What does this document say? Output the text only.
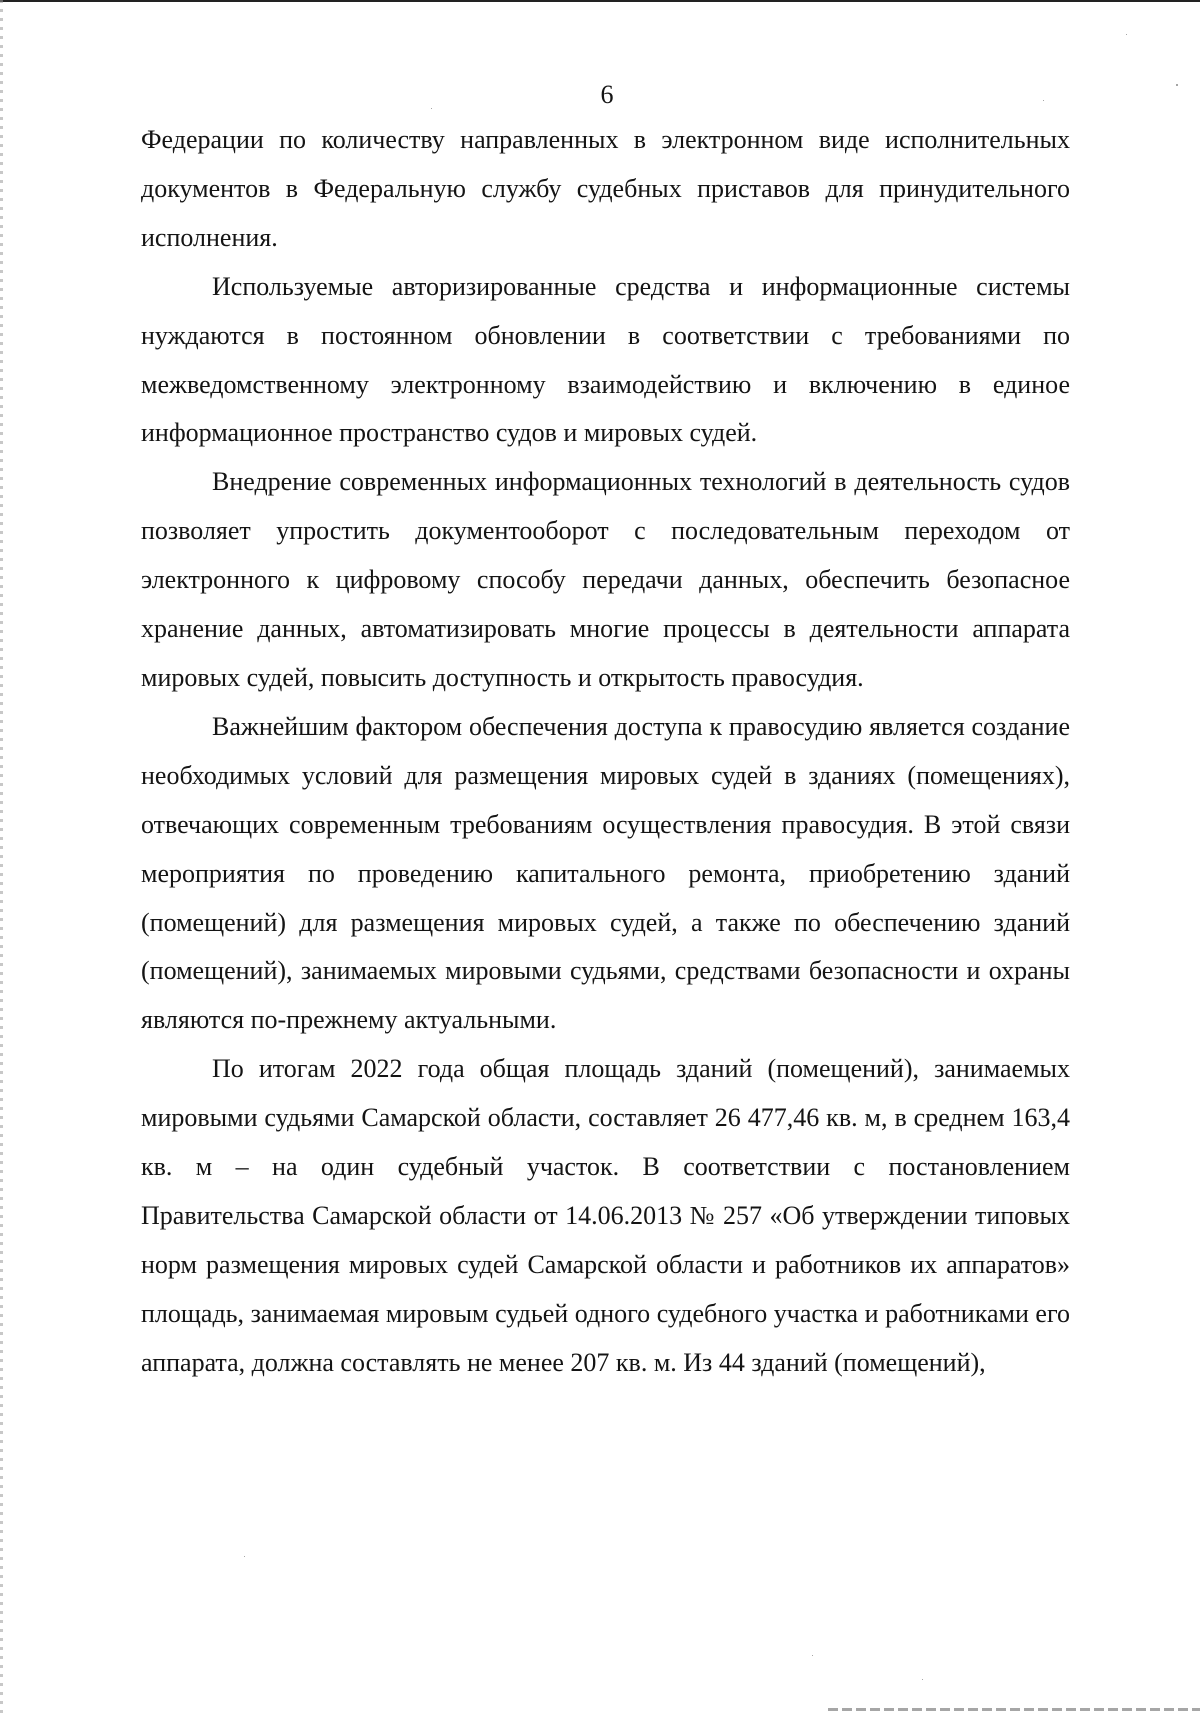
6

Федерации по количеству направленных в электронном виде исполнительных документов в Федеральную службу судебных приставов для принудительного исполнения.

Используемые авторизированные средства и информационные системы нуждаются в постоянном обновлении в соответствии с требованиями по межведомственному электронному взаимодействию и включению в единое информационное пространство судов и мировых судей.

Внедрение современных информационных технологий в деятельность судов позволяет упростить документооборот с последовательным переходом от электронного к цифровому способу передачи данных, обеспечить безопасное хранение данных, автоматизировать многие процессы в деятельности аппарата мировых судей, повысить доступность и открытость правосудия.

Важнейшим фактором обеспечения доступа к правосудию является создание необходимых условий для размещения мировых судей в зданиях (помещениях), отвечающих современным требованиям осуществления правосудия. В этой связи мероприятия по проведению капитального ремонта, приобретению зданий (помещений) для размещения мировых судей, а также по обеспечению зданий (помещений), занимаемых мировыми судьями, средствами безопасности и охраны являются по-прежнему актуальными.

По итогам 2022 года общая площадь зданий (помещений), занимаемых мировыми судьями Самарской области, составляет 26 477,46 кв. м, в среднем 163,4 кв. м – на один судебный участок. В соответствии с постановлением Правительства Самарской области от 14.06.2013 № 257 «Об утверждении типовых норм размещения мировых судей Самарской области и работников их аппаратов» площадь, занимаемая мировым судьей одного судебного участка и работниками его аппарата, должна составлять не менее 207 кв. м. Из 44 зданий (помещений),
